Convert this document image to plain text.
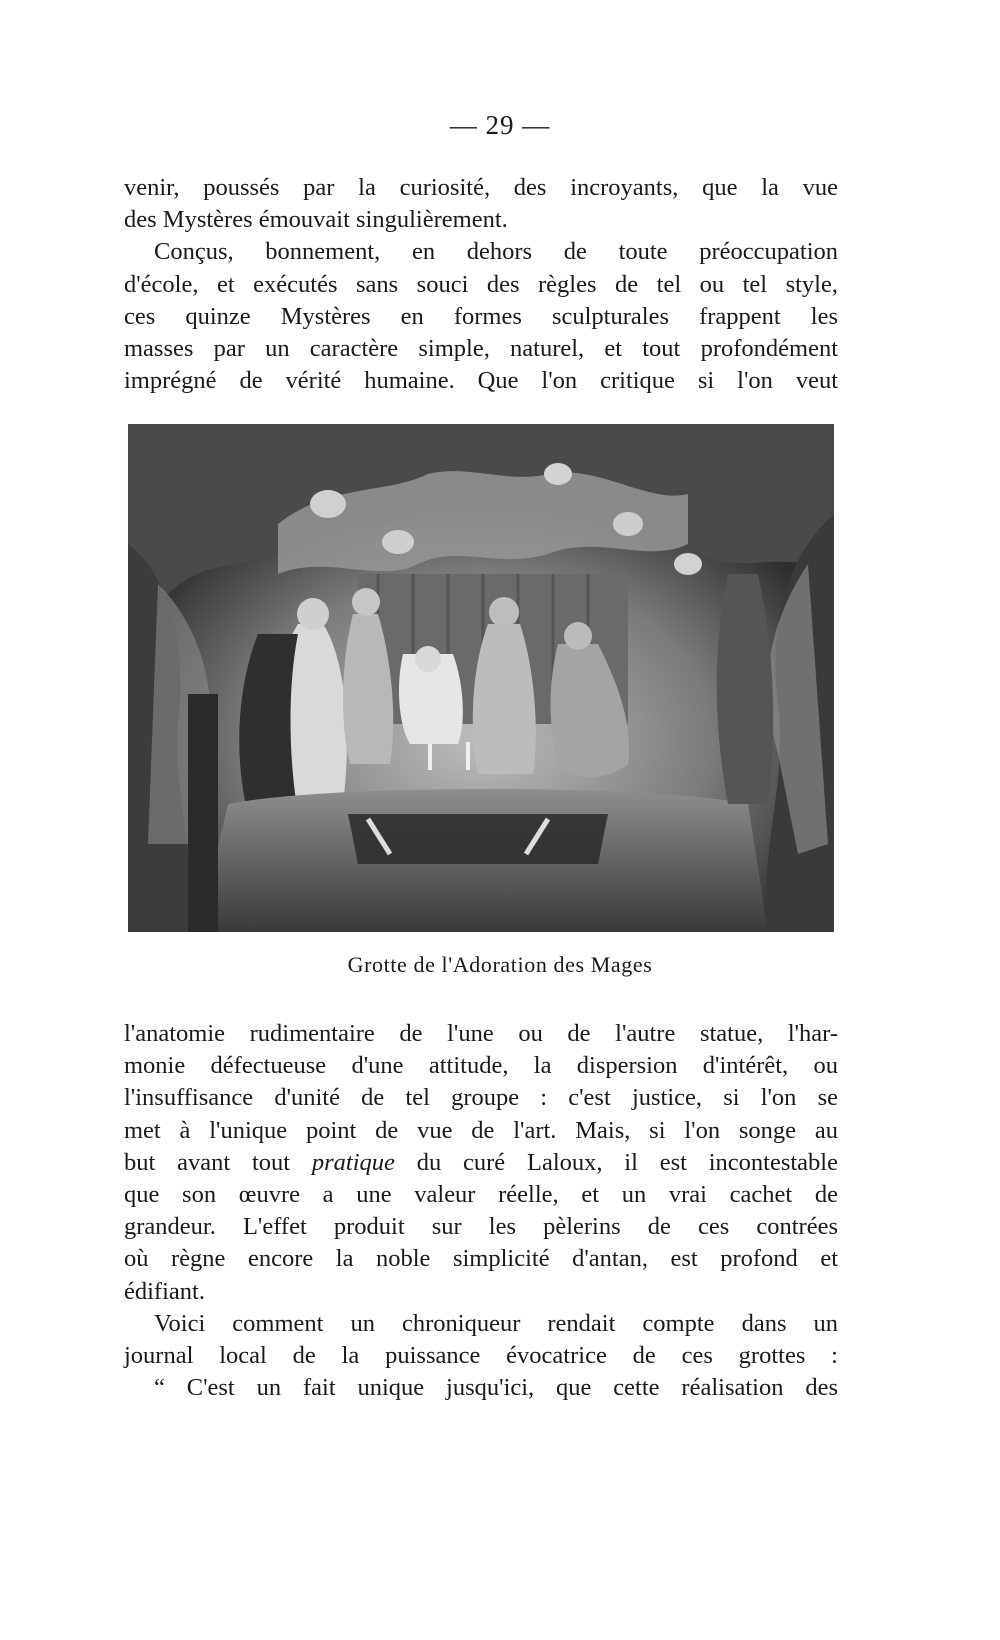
— 29 —
venir, poussés par la curiosité, des incroyants, que la vue
des Mystères émouvait singulièrement.
Conçus, bonnement, en dehors de toute préoccupation
d'école, et exécutés sans souci des règles de tel ou tel style,
ces quinze Mystères en formes sculpturales frappent les
masses par un caractère simple, naturel, et tout profondément
imprégné de vérité humaine. Que l'on critique si l'on veut
Grotte de l'Adoration des Mages
l'anatomie rudimentaire de l'une ou de l'autre statue, l'har-
monie défectueuse d'une attitude, la dispersion d'intérêt, ou
l'insuffisance d'unité de tel groupe : c'est justice, si l'on se
met à l'unique point de vue de l'art. Mais, si l'on songe au
but avant tout pratique du curé Laloux, il est incontestable
que son œuvre a une valeur réelle, et un vrai cachet de
grandeur. L'effet produit sur les pèlerins de ces contrées
où règne encore la noble simplicité d'antan, est profond et
édifiant.
Voici comment un chroniqueur rendait compte dans un
journal local de la puissance évocatrice de ces grottes :
“ C'est un fait unique jusqu'ici, que cette réalisation des
